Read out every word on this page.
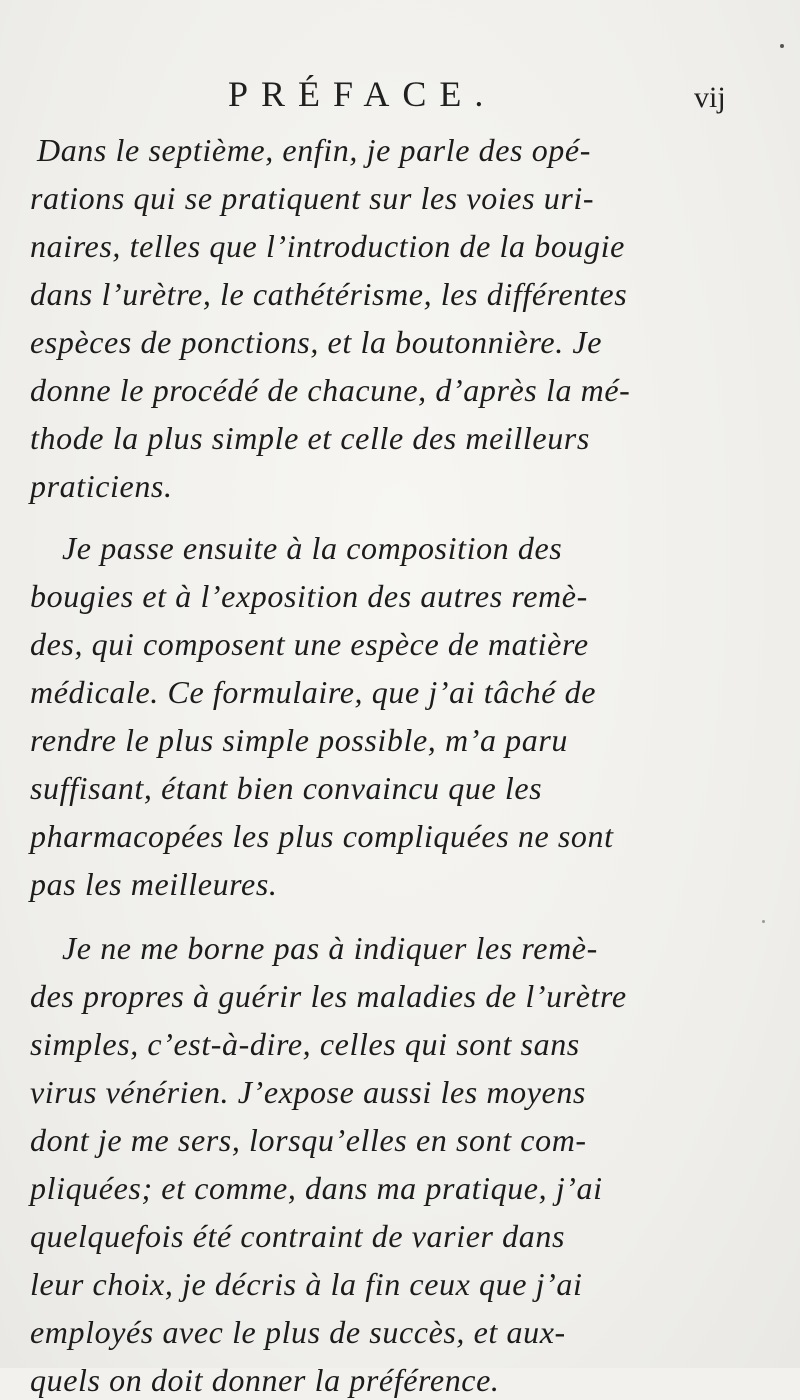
PRÉFACE.	vij
Dans le septième, enfin, je parle des opé-
rations qui se pratiquent sur les voies uri-
naires, telles que l’introduction de la bougie
dans l’urètre, le cathétérisme, les différentes
espèces de ponctions, et la boutonnière. Je
donne le procédé de chacune, d’après la mé-
thode la plus simple et celle des meilleurs
praticiens.
Je passe ensuite à la composition des
bougies et à l’exposition des autres remè-
des, qui composent une espèce de matière
médicale. Ce formulaire, que j’ai tâché de
rendre le plus simple possible, m’a paru
suffisant, étant bien convaincu que les
pharmacopées les plus compliquées ne sont
pas les meilleures.
Je ne me borne pas à indiquer les remè-
des propres à guérir les maladies de l’urètre
simples, c’est-à-dire, celles qui sont sans
virus vénérien. J’expose aussi les moyens
dont je me sers, lorsqu’elles en sont com-
pliquées; et comme, dans ma pratique, j’ai
quelquefois été contraint de varier dans
leur choix, je décris à la fin ceux que j’ai
employés avec le plus de succès, et aux-
quels on doit donner la préférence.
